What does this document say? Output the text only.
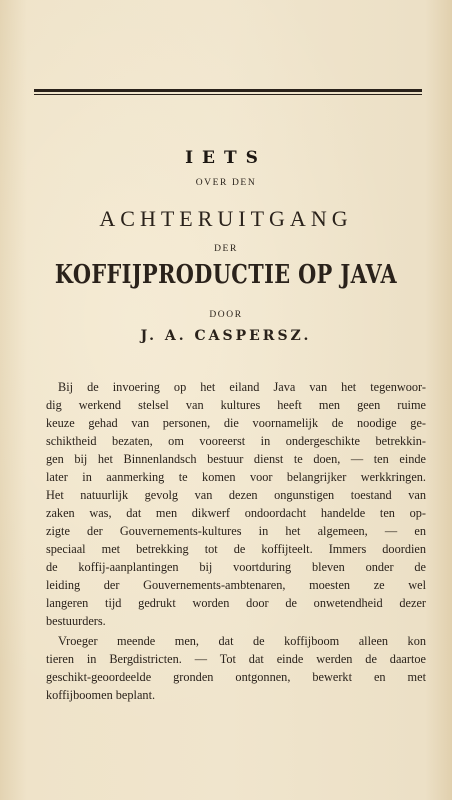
IETS
OVER DEN
ACHTERUITGANG
DER
KOFFIJPRODUCTIE OP JAVA
DOOR
J. A. CASPERSZ.
Bij de invoering op het eiland Java van het tegenwoor-
dig werkend stelsel van kultures heeft men geen ruime
keuze gehad van personen, die voornamelijk de noodige ge-
schiktheid bezaten, om vooreerst in ondergeschikte betrekkin-
gen bij het Binnenlandsch bestuur dienst te doen, — ten einde
later in aanmerking te komen voor belangrijker werkkringen.
Het natuurlijk gevolg van dezen ongunstigen toestand van
zaken was, dat men dikwerf ondoordacht handelde ten op-
zigte der Gouvernements-kultures in het algemeen, — en
speciaal met betrekking tot de koffijteelt. Immers doordien
de koffij-aanplantingen bij voortduring bleven onder de
leiding der Gouvernements-ambtenaren, moesten ze wel
langeren tijd gedrukt worden door de onwetendheid dezer
bestuurders.
Vroeger meende men, dat de koffijboom alleen kon
tieren in Bergdistricten. — Tot dat einde werden de daartoe
geschikt-geoordeelde gronden ontgonnen, bewerkt en met
koffijboomen beplant.
